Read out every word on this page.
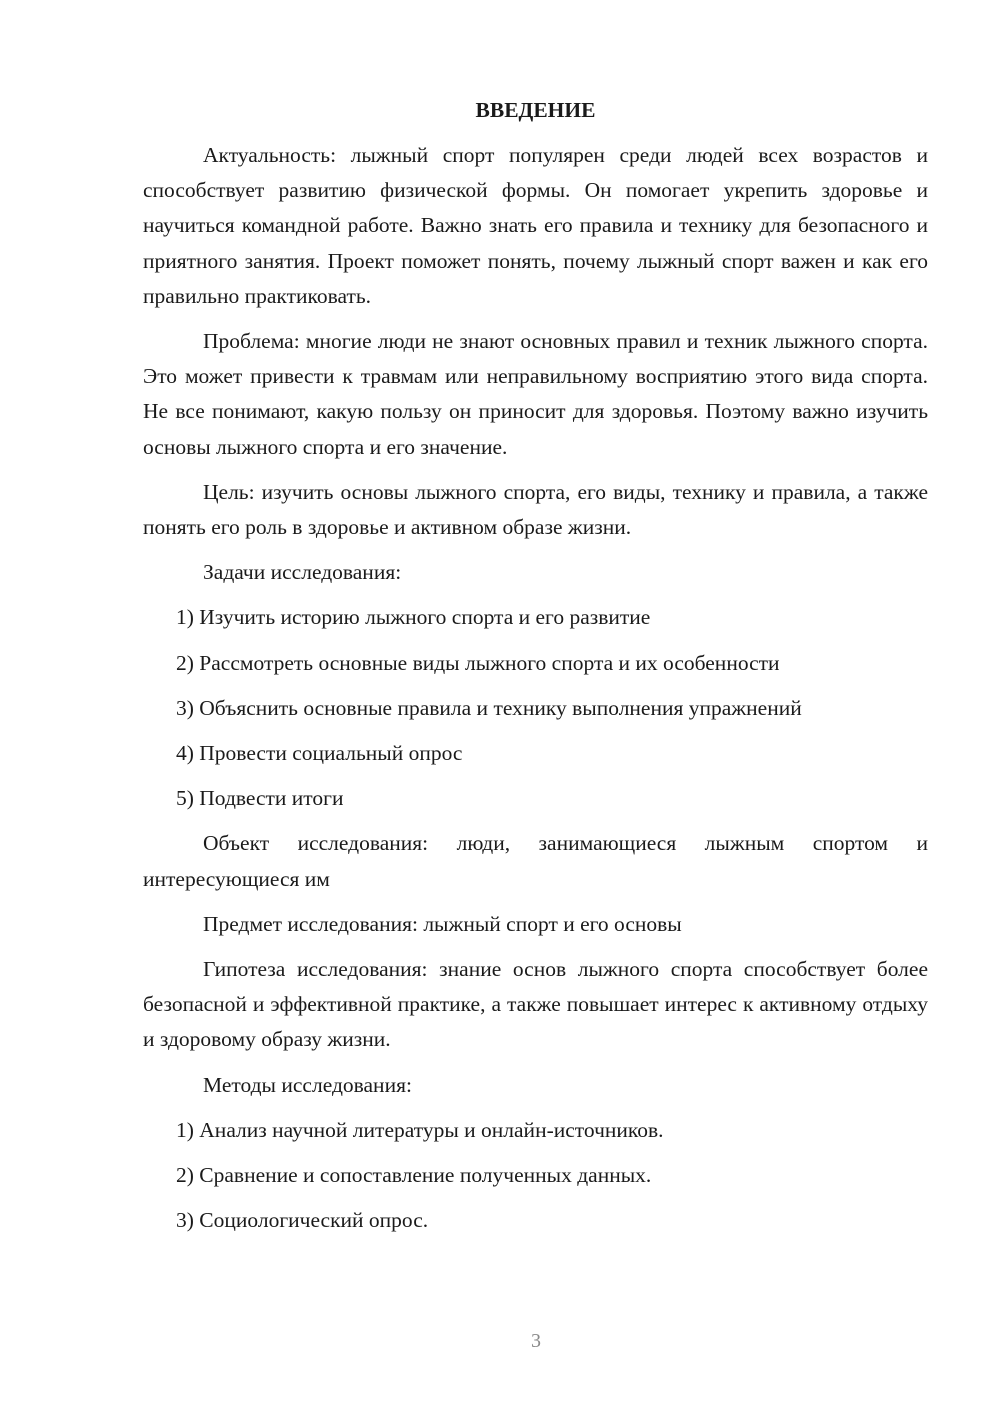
ВВЕДЕНИЕ

Актуальность: лыжный спорт популярен среди людей всех возрастов и способствует развитию физической формы. Он помогает укрепить здоровье и научиться командной работе. Важно знать его правила и технику для безопасного и приятного занятия. Проект поможет понять, почему лыжный спорт важен и как его правильно практиковать.

Проблема: многие люди не знают основных правил и техник лыжного спорта. Это может привести к травмам или неправильному восприятию этого вида спорта. Не все понимают, какую пользу он приносит для здоровья. Поэтому важно изучить основы лыжного спорта и его значение.

Цель: изучить основы лыжного спорта, его виды, технику и правила, а также понять его роль в здоровье и активном образе жизни.

Задачи исследования:

1) Изучить историю лыжного спорта и его развитие
2) Рассмотреть основные виды лыжного спорта и их особенности
3) Объяснить основные правила и технику выполнения упражнений
4) Провести социальный опрос
5) Подвести итоги

Объект исследования: люди, занимающиеся лыжным спортом и интересующиеся им

Предмет исследования: лыжный спорт и его основы

Гипотеза исследования: знание основ лыжного спорта способствует более безопасной и эффективной практике, а также повышает интерес к активному отдыху и здоровому образу жизни.

Методы исследования:

1) Анализ научной литературы и онлайн-источников.
2) Сравнение и сопоставление полученных данных.
3) Социологический опрос.
3
